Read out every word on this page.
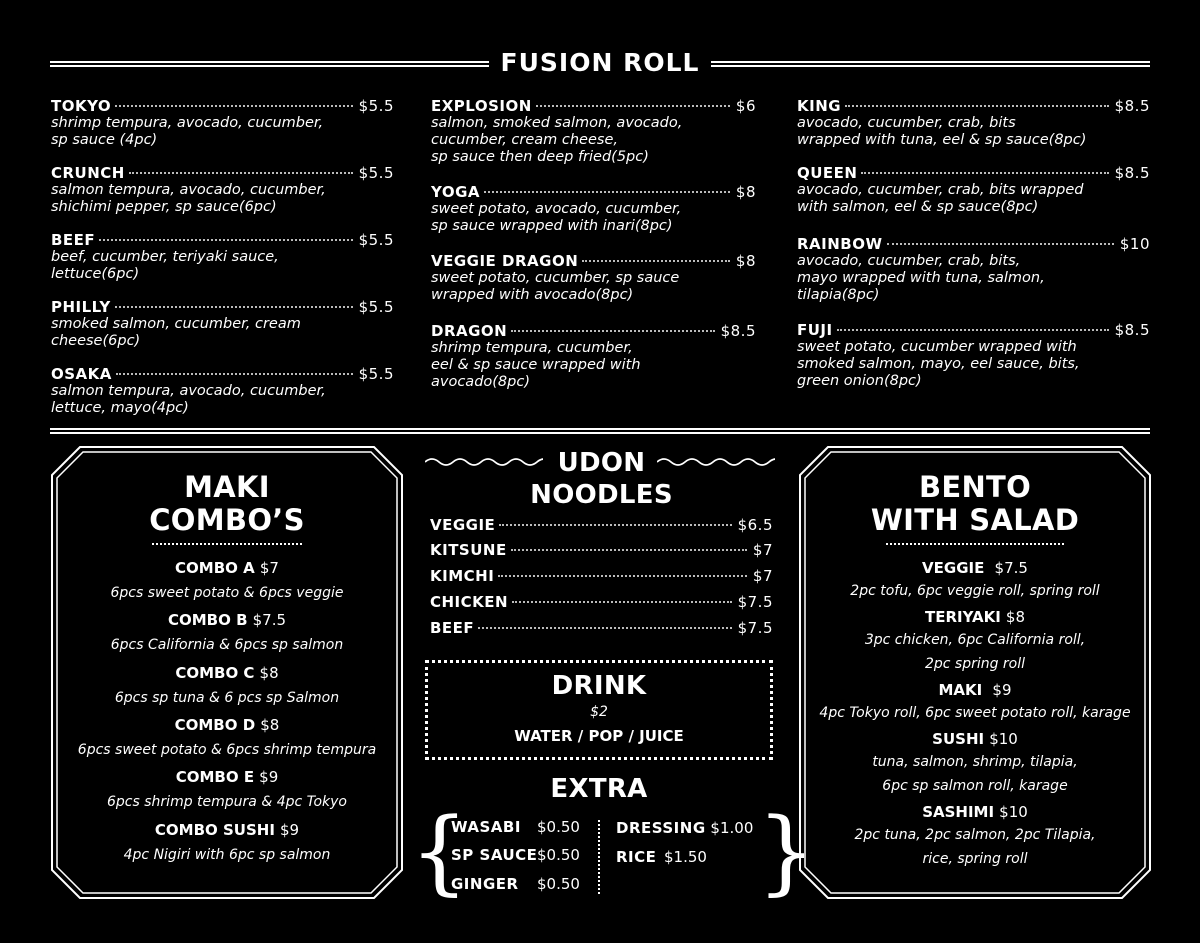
FUSION ROLL
TOKYO	$5.5
shrimp tempura, avocado, cucumber,
sp sauce (4pc)
CRUNCH	$5.5
salmon tempura, avocado, cucumber,
shichimi pepper, sp sauce(6pc)
BEEF	$5.5
beef, cucumber, teriyaki sauce,
lettuce(6pc)
PHILLY	$5.5
smoked salmon, cucumber, cream
cheese(6pc)
OSAKA	$5.5
salmon tempura, avocado, cucumber,
lettuce, mayo(4pc)
EXPLOSION	$6
salmon, smoked salmon, avocado,
cucumber, cream cheese,
sp sauce then deep fried(5pc)
YOGA	$8
sweet potato, avocado, cucumber,
sp sauce wrapped with inari(8pc)
VEGGIE DRAGON	$8
sweet potato, cucumber, sp sauce
wrapped with avocado(8pc)
DRAGON	$8.5
shrimp tempura, cucumber,
eel & sp sauce wrapped with
avocado(8pc)
KING	$8.5
avocado, cucumber, crab, bits
wrapped with tuna, eel & sp sauce(8pc)
QUEEN	$8.5
avocado, cucumber, crab, bits wrapped
with salmon, eel & sp sauce(8pc)
RAINBOW	$10
avocado, cucumber, crab, bits,
mayo wrapped with tuna, salmon,
tilapia(8pc)
FUJI	$8.5
sweet potato, cucumber wrapped with
smoked salmon, mayo, eel sauce, bits,
green onion(8pc)
MAKI
COMBO’S
COMBO A $7
6pcs sweet potato & 6pcs veggie
COMBO B $7.5
6pcs California & 6pcs sp salmon
COMBO C $8
6pcs sp tuna & 6 pcs sp Salmon
COMBO D $8
6pcs sweet potato & 6pcs shrimp tempura
COMBO E $9
6pcs shrimp tempura & 4pc Tokyo
COMBO SUSHI $9
4pc Nigiri with 6pc sp salmon
UDON
NOODLES
VEGGIE	$6.5
KITSUNE	$7
KIMCHI	$7
CHICKEN	$7.5
BEEF	$7.5
DRINK
$2
WATER / POP / JUICE
EXTRA
{	}
WASABI $0.50
SP SAUCE $0.50
GINGER $0.50
DRESSING $1.00
RICE $1.50
BENTO
WITH SALAD
VEGGIE $7.5
2pc tofu, 6pc veggie roll, spring roll
TERIYAKI $8
3pc chicken, 6pc California roll,
2pc spring roll
MAKI $9
4pc Tokyo roll, 6pc sweet potato roll, karage
SUSHI $10
tuna, salmon, shrimp, tilapia,
6pc sp salmon roll, karage
SASHIMI $10
2pc tuna, 2pc salmon, 2pc Tilapia,
rice, spring roll
